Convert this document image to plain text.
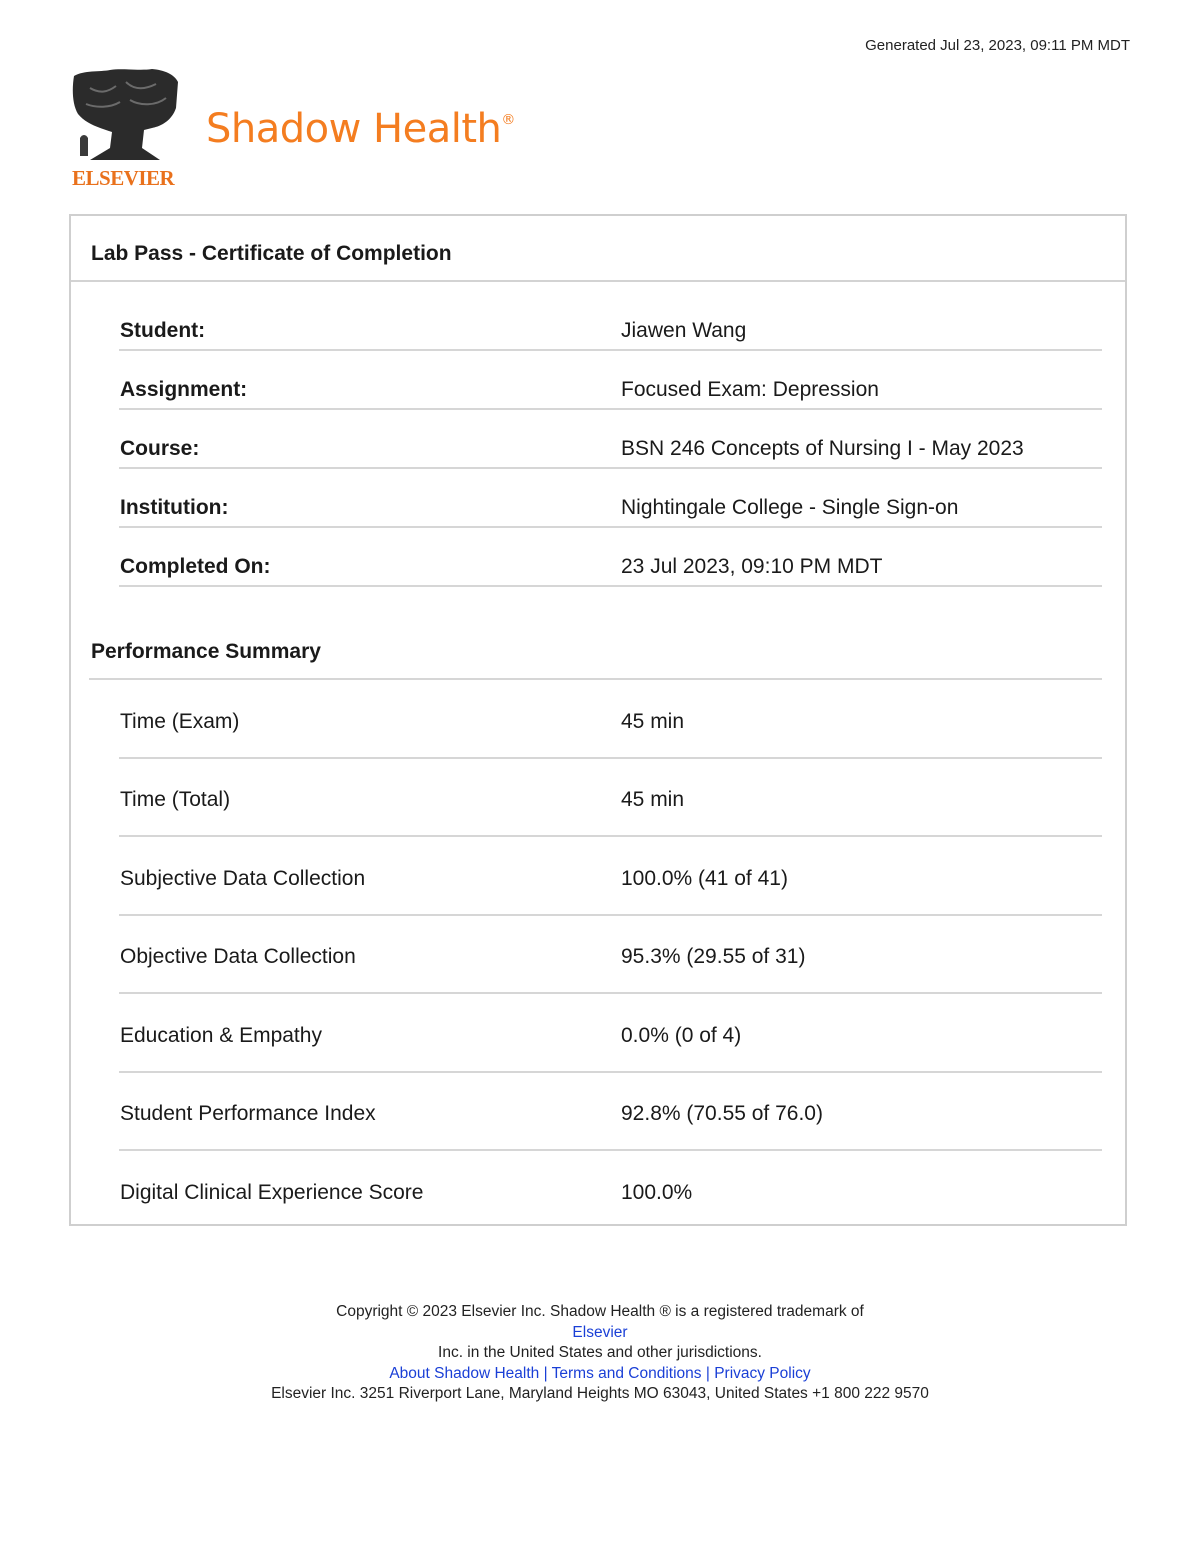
Generated Jul 23, 2023, 09:11 PM MDT
ELSEVIER
Shadow Health®
Lab Pass - Certificate of Completion
Student:	Jiawen Wang
Assignment:	Focused Exam: Depression
Course:	BSN 246 Concepts of Nursing I - May 2023
Institution:	Nightingale College - Single Sign-on
Completed On:	23 Jul 2023, 09:10 PM MDT
Performance Summary
Time (Exam)	45 min
Time (Total)	45 min
Subjective Data Collection	100.0% (41 of 41)
Objective Data Collection	95.3% (29.55 of 31)
Education & Empathy	0.0% (0 of 4)
Student Performance Index	92.8% (70.55 of 76.0)
Digital Clinical Experience Score	100.0%
Copyright © 2023 Elsevier Inc. Shadow Health ® is a registered trademark of
Elsevier
Inc. in the United States and other jurisdictions.
About Shadow Health | Terms and Conditions | Privacy Policy
Elsevier Inc. 3251 Riverport Lane, Maryland Heights MO 63043, United States +1 800 222 9570
